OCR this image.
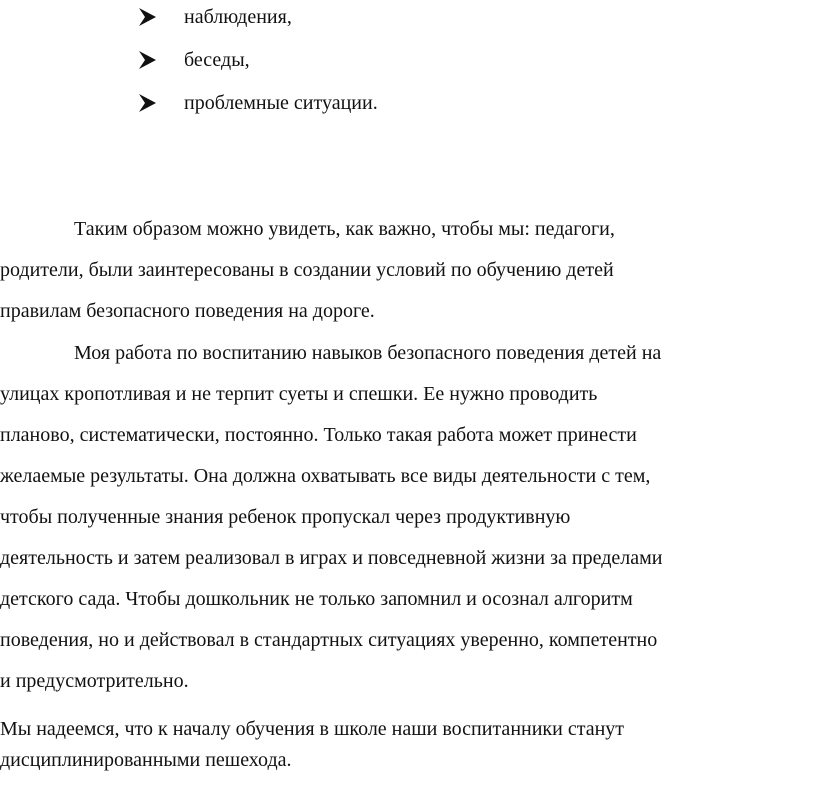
наблюдения,
беседы,
проблемные ситуации.
Таким образом можно увидеть, как важно, чтобы мы: педагоги,
родители, были заинтересованы в создании условий по обучению детей
правилам безопасного поведения на дороге.
Моя работа по воспитанию навыков безопасного поведения детей на
улицах кропотливая и не терпит суеты и спешки. Ее нужно проводить
планово, систематически, постоянно. Только такая работа может принести
желаемые результаты. Она должна охватывать все виды деятельности с тем,
чтобы полученные знания ребенок пропускал через продуктивную
деятельность и затем реализовал в играх и повседневной жизни за пределами
детского сада. Чтобы дошкольник не только запомнил и осознал алгоритм
поведения, но и действовал в стандартных ситуациях уверенно, компетентно
и предусмотрительно.
Мы надеемся, что к началу обучения в школе наши воспитанники станут
дисциплинированными пешехода.
